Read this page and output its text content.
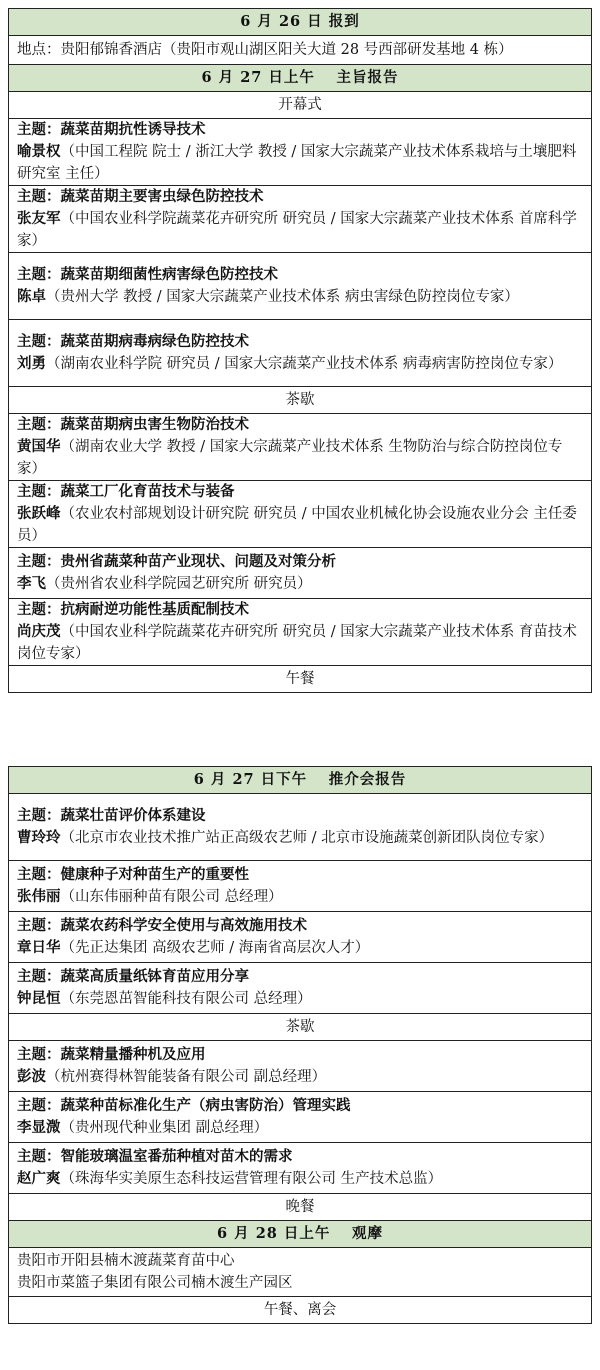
6 月 26 日 报到
地点：贵阳郁锦香酒店（贵阳市观山湖区阳关大道 28 号西部研发基地 4 栋）
6 月 27 日上午　 主旨报告
开幕式

主题：蔬菜苗期抗性诱导技术
喻景权（中国工程院 院士 / 浙江大学 教授 / 国家大宗蔬菜产业技术体系栽培与土壤肥料研究室 主任）

主题：蔬菜苗期主要害虫绿色防控技术
张友军（中国农业科学院蔬菜花卉研究所 研究员 / 国家大宗蔬菜产业技术体系 首席科学家）

主题：蔬菜苗期细菌性病害绿色防控技术
陈卓（贵州大学 教授 / 国家大宗蔬菜产业技术体系 病虫害绿色防控岗位专家）

主题：蔬菜苗期病毒病绿色防控技术
刘勇（湖南农业科学院 研究员 / 国家大宗蔬菜产业技术体系 病毒病害防控岗位专家）

茶歇

主题：蔬菜苗期病虫害生物防治技术
黄国华（湖南农业大学 教授 / 国家大宗蔬菜产业技术体系 生物防治与综合防控岗位专家）

主题：蔬菜工厂化育苗技术与装备
张跃峰（农业农村部规划设计研究院 研究员 / 中国农业机械化协会设施农业分会 主任委员）

主题：贵州省蔬菜种苗产业现状、问题及对策分析
李飞（贵州省农业科学院园艺研究所 研究员）

主题：抗病耐逆功能性基质配制技术
尚庆茂（中国农业科学院蔬菜花卉研究所 研究员 / 国家大宗蔬菜产业技术体系 育苗技术岗位专家）

午餐
6 月 27 日下午　 推介会报告

主题：蔬菜壮苗评价体系建设
曹玲玲（北京市农业技术推广站正高级农艺师 / 北京市设施蔬菜创新团队岗位专家）

主题：健康种子对种苗生产的重要性
张伟丽（山东伟丽种苗有限公司 总经理）

主题：蔬菜农药科学安全使用与高效施用技术
章日华（先正达集团 高级农艺师 / 海南省高层次人才）

主题：蔬菜高质量纸钵育苗应用分享
钟昆恒（东莞恩茁智能科技有限公司 总经理）

茶歇

主题：蔬菜精量播种机及应用
彭波（杭州赛得林智能装备有限公司 副总经理）

主题：蔬菜种苗标准化生产（病虫害防治）管理实践
李显溦（贵州现代种业集团 副总经理）

主题：智能玻璃温室番茄种植对苗木的需求
赵广爽（珠海华实美原生态科技运营管理有限公司 生产技术总监）

晚餐
6 月 28 日上午　 观摩

贵阳市开阳县楠木渡蔬菜育苗中心
贵阳市菜篮子集团有限公司楠木渡生产园区

午餐、离会
